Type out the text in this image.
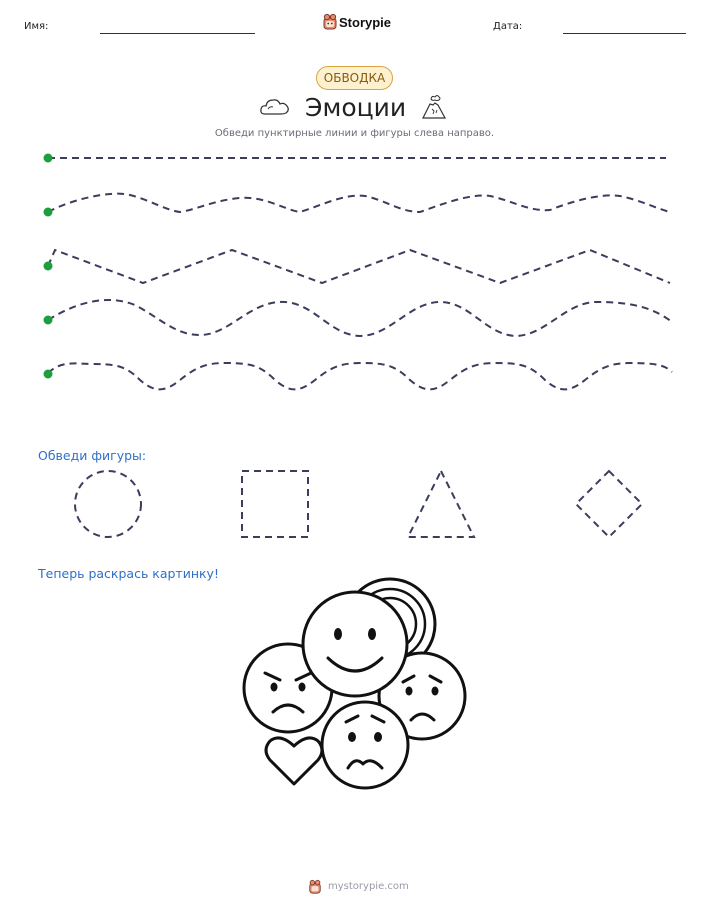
Имя:	Storypie	Дата:
ОБВОДКА
Эмоции
Обведи пунктирные линии и фигуры слева направо.
Обведи фигуры:
Теперь раскрась картинку!
mystorypie.com
